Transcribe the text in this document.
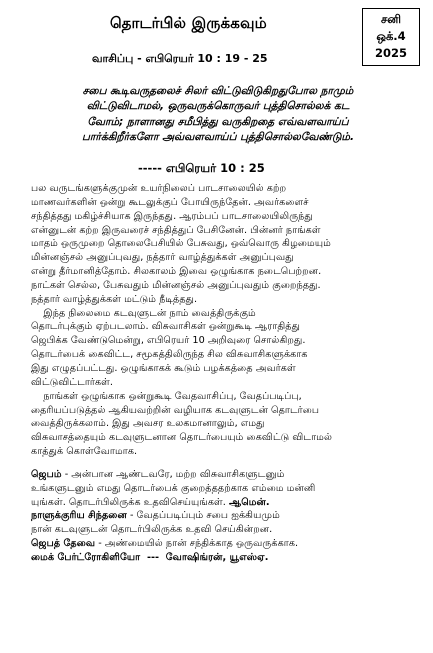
தொடர்பில் இருக்கவும்
வாசிப்பு - எபிரெயர் 10 : 19 - 25
சனி
ஒக்.4
2025
சபை கூடிவருதலைச் சிலர் விட்டுவிடுகிறதுபோல நாமும்
விட்டுவிடாமல், ஒருவருக்கொருவர் புத்திசொல்லக் கட
வோம்; நாளானது சமீபித்து வருகிறதை எவ்வளவாய்ப்
பார்க்கிறீர்களோ அவ்வளவாய்ப் புத்திசொல்லவேண்டும்.
----- எபிரெயர் 10 : 25
பல வருடங்களுக்குமுன் உயர்நிலைப் பாடசாலையில் கற்ற
மாணவர்களின் ஒன்று கூடலுக்குப் போயிருந்தேன். அவர்களைச்
சந்தித்தது மகிழ்ச்சியாக இருந்தது. ஆரம்பப் பாடசாலையிலிருந்து
என்னுடன் கற்ற இருவரைச் சந்தித்துப் பேசினேன். பின்னர் நாங்கள்
மாதம் ஒருமுறை தொலைபேசியில் பேசுவது, ஒவ்வொரு கிழமையும்
மின்னஞ்சல் அனுப்புவது, நத்தார் வாழ்த்துக்கள் அனுப்புவது
என்று தீர்மானித்தோம். சிலகாலம் இவை ஒழுங்காக நடைபெற்றன.
நாட்கள் செல்ல, பேசுவதும் மின்னஞ்சல் அனுப்புவதும் குறைந்தது.
நத்தார் வாழ்த்துக்கள் மட்டும் நீடித்தது.
இந்த நிலைமை கடவுளுடன் நாம் வைத்திருக்கும்
தொடர்புக்கும் ஏற்படலாம். விசுவாசிகள் ஒன்றுகூடி ஆராதித்து
ஜெபிக்க வேண்டுமென்று, எபிரெயர் 10 அறிவுரை சொல்கிறது.
தொடர்பைக் கைவிட்ட, சமூகத்திலிருந்த சில விசுவாசிகளுக்காக
இது எழுதப்பட்டது. ஒழுங்காகக் கூடும் பழக்கத்தை அவர்கள்
விட்டுவிட்டார்கள்.
நாங்கள் ஒழுங்காக ஒன்றுகூடி வேதவாசிப்பு, வேதப்படிப்பு,
தைரியப்படுத்தல் ஆகியவற்றின் வழியாக கடவுளுடன் தொடர்பை
வைத்திருக்கலாம். இது அவசர உலகமானாலும், எமது
விசுவாசத்தையும் கடவுளுடனான தொடர்பையும் கைவிட்டு விடாமல்
காத்துக் கொள்வோமாக.
ஜெபம் - அன்பான ஆண்டவரே, மற்ற விசுவாசிகளுடனும்
உங்களுடனும் எமது தொடர்பைக் குறைத்ததற்காக எம்மை மன்னி
யுங்கள். தொடர்பிலிருக்க உதவிசெய்யுங்கள். ஆமென்.
நாளுக்குரிய சிந்தனை - வேதப்படிப்பும் சபை ஐக்கியமும்
நான் கடவுளுடன் தொடர்பிலிருக்க உதவி செய்கின்றன.
ஜெபத் தேவை - அண்மையில் நான் சந்திக்காத ஒருவருக்காக.
மைக் பேர்ட்ரோகிளியோ  ---  வோஷிங்ரன், யூஎஸ்ஏ.
